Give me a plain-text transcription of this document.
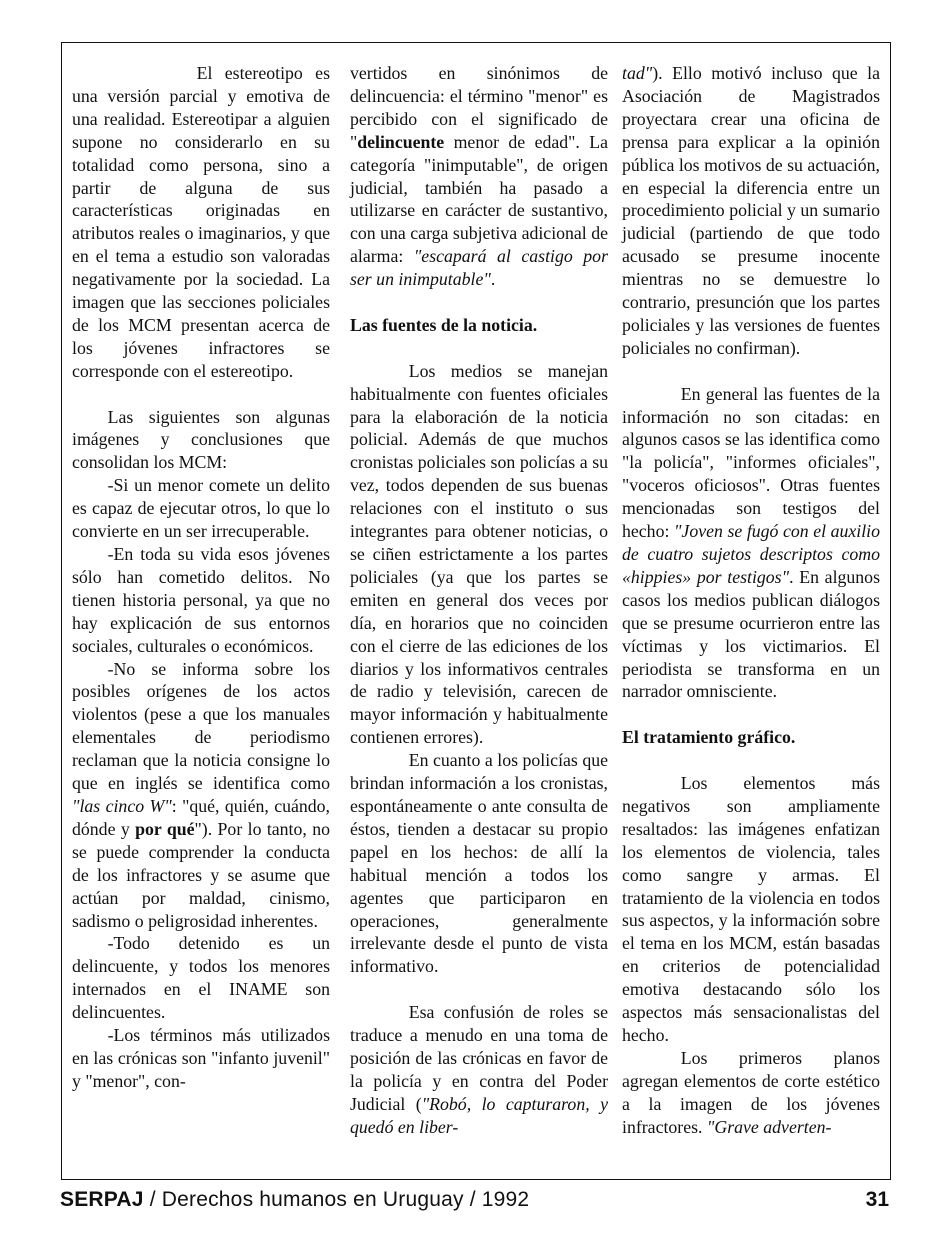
El estereotipo es una versión parcial y emotiva de una realidad. Estereotipar a alguien supone no considerarlo en su totalidad como persona, sino a partir de alguna de sus características originadas en atributos reales o imaginarios, y que en el tema a estudio son valoradas negativamente por la sociedad. La imagen que las secciones policiales de los MCM presentan acerca de los jóvenes infractores se corresponde con el estereotipo.

Las siguientes son algunas imágenes y conclusiones que consolidan los MCM:

-Si un menor comete un delito es capaz de ejecutar otros, lo que lo convierte en un ser irrecuperable.

-En toda su vida esos jóvenes sólo han cometido delitos. No tienen historia personal, ya que no hay explicación de sus entornos sociales, culturales o económicos.

-No se informa sobre los posibles orígenes de los actos violentos (pese a que los manuales elementales de periodismo reclaman que la noticia consigne lo que en inglés se identifica como "las cinco W": "qué, quién, cuándo, dónde y por qué"). Por lo tanto, no se puede comprender la conducta de los infractores y se asume que actúan por maldad, cinismo, sadismo o peligrosidad inherentes.

-Todo detenido es un delincuente, y todos los menores internados en el INAME son delincuentes.

-Los términos más utilizados en las crónicas son "infanto juvenil" y "menor", con-

vertidos en sinónimos de delincuencia: el término "menor" es percibido con el significado de "delincuente menor de edad". La categoría "inimputable", de origen judicial, también ha pasado a utilizarse en carácter de sustantivo, con una carga subjetiva adicional de alarma: "escapará al castigo por ser un inimputable".

Las fuentes de la noticia.

Los medios se manejan habitualmente con fuentes oficiales para la elaboración de la noticia policial. Además de que muchos cronistas policiales son policías a su vez, todos dependen de sus buenas relaciones con el instituto o sus integrantes para obtener noticias, o se ciñen estrictamente a los partes policiales (ya que los partes se emiten en general dos veces por día, en horarios que no coinciden con el cierre de las ediciones de los diarios y los informativos centrales de radio y televisión, carecen de mayor información y habitualmente contienen errores).

En cuanto a los policías que brindan información a los cronistas, espontáneamente o ante consulta de éstos, tienden a destacar su propio papel en los hechos: de allí la habitual mención a todos los agentes que participaron en operaciones, generalmente irrelevante desde el punto de vista informativo.

Esa confusión de roles se traduce a menudo en una toma de posición de las crónicas en favor de la policía y en contra del Poder Judicial ("Robó, lo capturaron, y quedó en liber-

tad"). Ello motivó incluso que la Asociación de Magistrados proyectara crear una oficina de prensa para explicar a la opinión pública los motivos de su actuación, en especial la diferencia entre un procedimiento policial y un sumario judicial (partiendo de que todo acusado se presume inocente mientras no se demuestre lo contrario, presunción que los partes policiales y las versiones de fuentes policiales no confirman).

En general las fuentes de la información no son citadas: en algunos casos se las identifica como "la policía", "informes oficiales", "voceros oficiosos". Otras fuentes mencionadas son testigos del hecho: "Joven se fugó con el auxilio de cuatro sujetos descriptos como «hippies» por testigos". En algunos casos los medios publican diálogos que se presume ocurrieron entre las víctimas y los victimarios. El periodista se transforma en un narrador omnisciente.

El tratamiento gráfico.

Los elementos más negativos son ampliamente resaltados: las imágenes enfatizan los elementos de violencia, tales como sangre y armas. El tratamiento de la violencia en todos sus aspectos, y la información sobre el tema en los MCM, están basadas en criterios de potencialidad emotiva destacando sólo los aspectos más sensacionalistas del hecho.

Los primeros planos agregan elementos de corte estético a la imagen de los jóvenes infractores. "Grave adverten-

SERPAJ / Derechos humanos en Uruguay / 1992	31
